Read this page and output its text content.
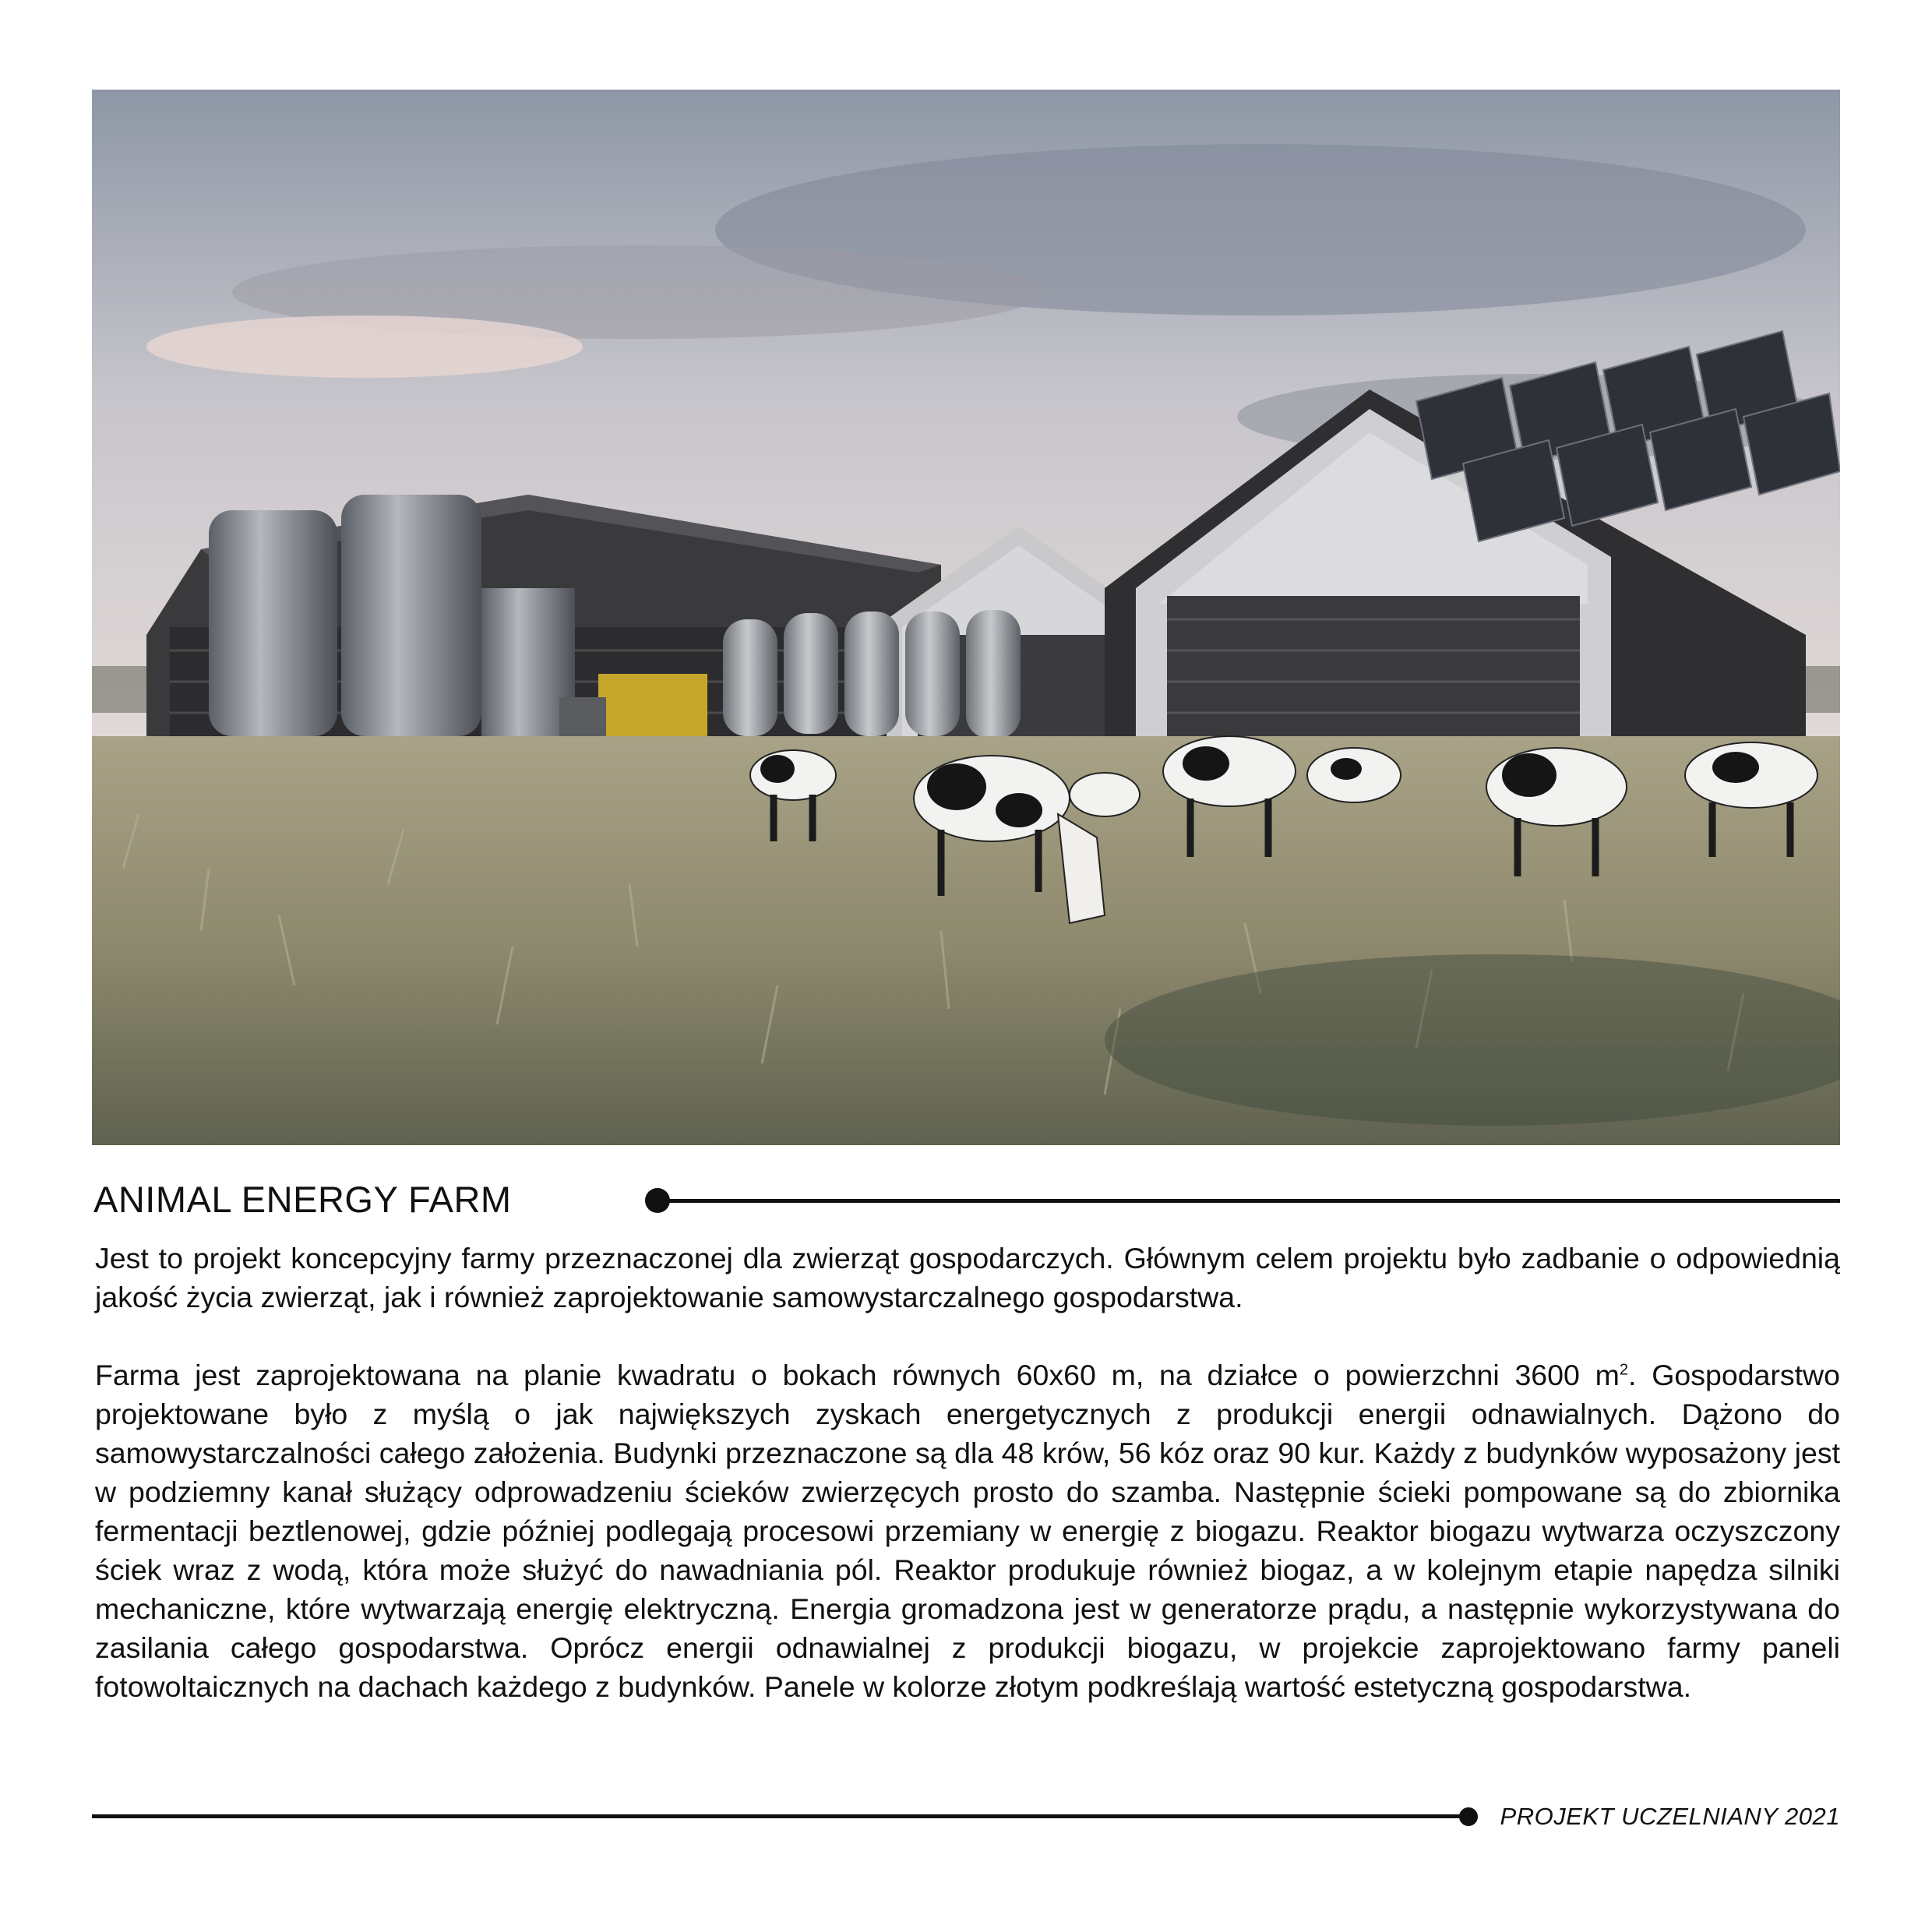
ANIMAL ENERGY FARM

Jest to projekt koncepcyjny farmy przeznaczonej dla zwierząt gospodarczych. Głównym celem projektu było zadbanie o odpowiednią jakość życia zwierząt, jak i również zaprojektowanie samowystarczalnego gospodarstwa.

Farma jest zaprojektowana na planie kwadratu o bokach równych 60x60 m, na działce o powierzchni 3600 $m^2$. Gospodarstwo projektowane było z myślą o jak największych zyskach energetycznych z produkcji energii odnawialnych. Dążono do samowystarczalności całego założenia. Budynki przeznaczone są dla 48 krów, 56 kóz oraz 90 kur. Każdy z budynków wyposażony jest w podziemny kanał służący odprowadzeniu ścieków zwierzęcych prosto do szamba. Następnie ścieki pompowane są do zbiornika fermentacji beztlenowej, gdzie później podlegają procesowi przemiany w energię z biogazu. Reaktor biogazu wytwarza oczyszczony ściek wraz z wodą, która może służyć do nawadniania pól. Reaktor produkuje również biogaz, a w kolejnym etapie napędza silniki mechaniczne, które wytwarzają energię elektryczną. Energia gromadzona jest w generatorze prądu, a następnie wykorzystywana do zasilania całego gospodarstwa. Oprócz energii odnawialnej z produkcji biogazu, w projekcie zaprojektowano farmy paneli fotowoltaicznych na dachach każdego z budynków. Panele w kolorze złotym podkreślają wartość estetyczną gospodarstwa.

PROJEKT UCZELNIANY 2021
